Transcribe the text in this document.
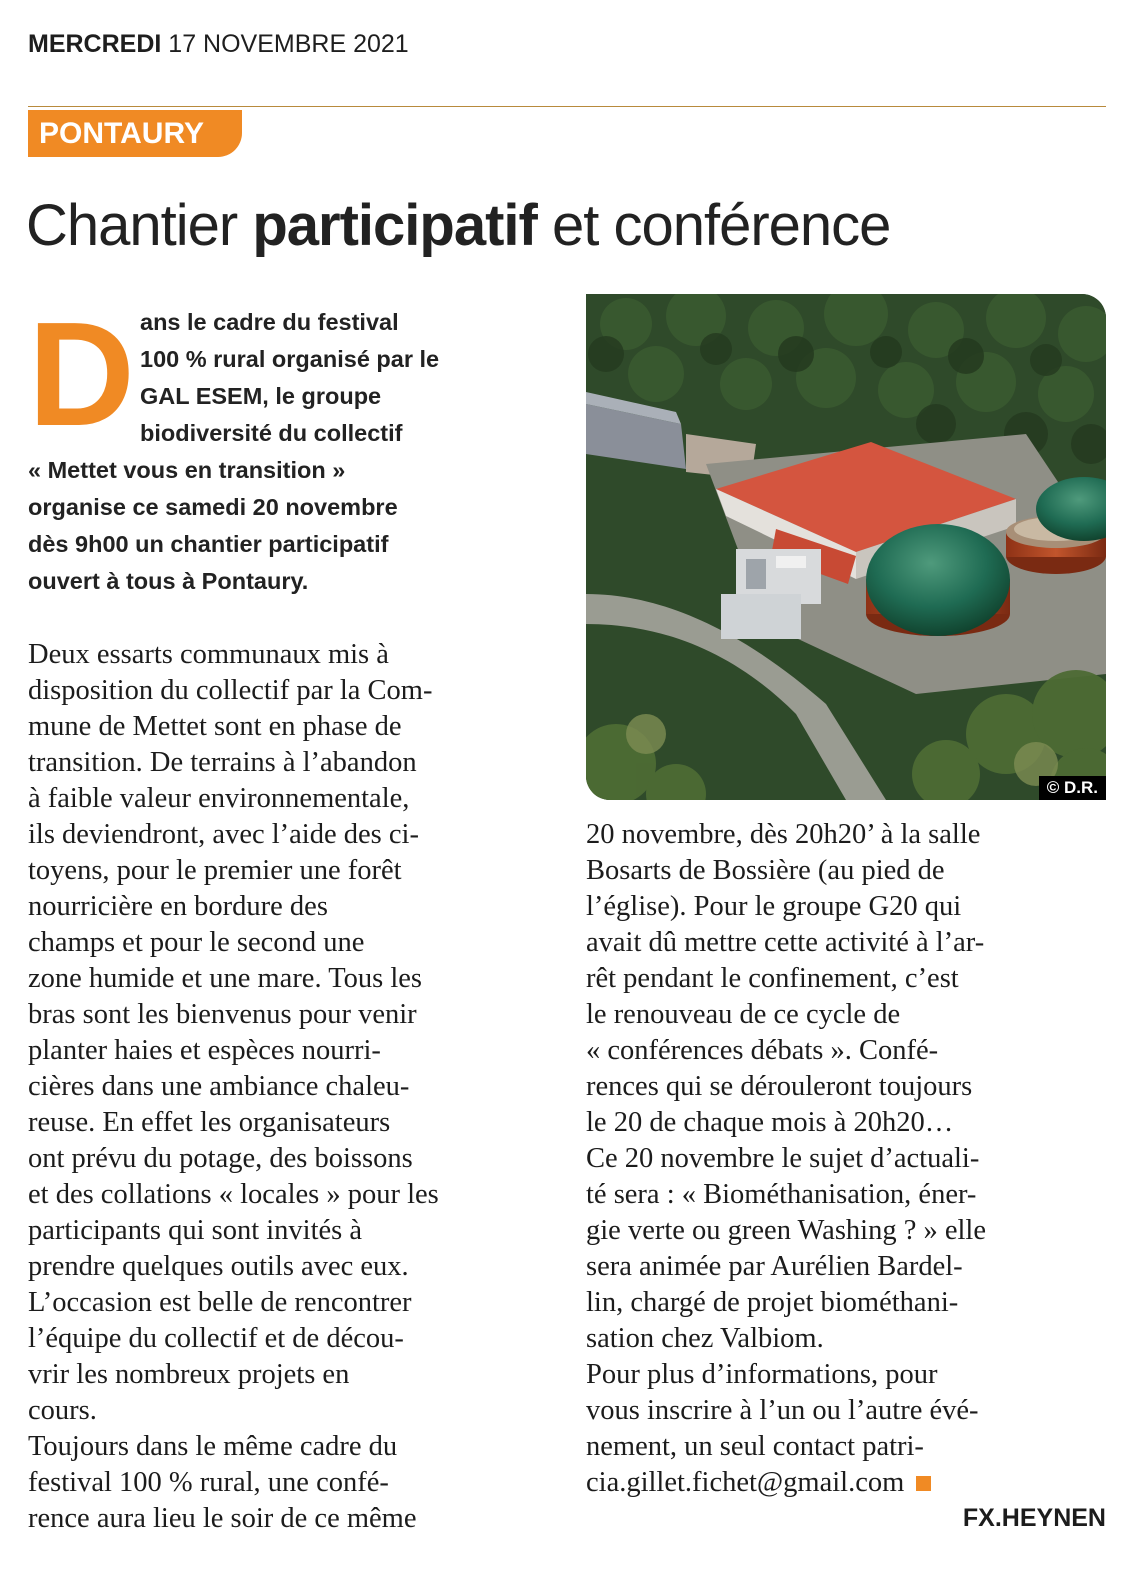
MERCREDI 17 NOVEMBRE 2021
PONTAURY
Chantier participatif et conférence
D ans le cadre du festival
100 % rural organisé par le
GAL ESEM, le groupe
biodiversité du collectif
« Mettet vous en transition »
organise ce samedi 20 novembre
dès 9h00 un chantier participatif
ouvert à tous à Pontaury.
Deux essarts communaux mis à
disposition du collectif par la Com-
mune de Mettet sont en phase de
transition. De terrains à l’abandon
à faible valeur environnementale,
ils deviendront, avec l’aide des ci-
toyens, pour le premier une forêt
nourricière en bordure des
champs et pour le second une
zone humide et une mare. Tous les
bras sont les bienvenus pour venir
planter haies et espèces nourri-
cières dans une ambiance chaleu-
reuse. En effet les organisateurs
ont prévu du potage, des boissons
et des collations « locales » pour les
participants qui sont invités à
prendre quelques outils avec eux.
L’occasion est belle de rencontrer
l’équipe du collectif et de décou-
vrir les nombreux projets en
cours.
Toujours dans le même cadre du
festival 100 % rural, une confé-
rence aura lieu le soir de ce même
© D.R.
20 novembre, dès 20h20’ à la salle
Bosarts de Bossière (au pied de
l’église). Pour le groupe G20 qui
avait dû mettre cette activité à l’ar-
rêt pendant le confinement, c’est
le renouveau de ce cycle de
« conférences débats ». Confé-
rences qui se dérouleront toujours
le 20 de chaque mois à 20h20…
Ce 20 novembre le sujet d’actuali-
té sera : « Biométhanisation, éner-
gie verte ou green Washing ? » elle
sera animée par Aurélien Bardel-
lin, chargé de projet biométhani-
sation chez Valbiom.
Pour plus d’informations, pour
vous inscrire à l’un ou l’autre évé-
nement, un seul contact patri-
cia.gillet.fichet@gmail.com
FX.HEYNEN
